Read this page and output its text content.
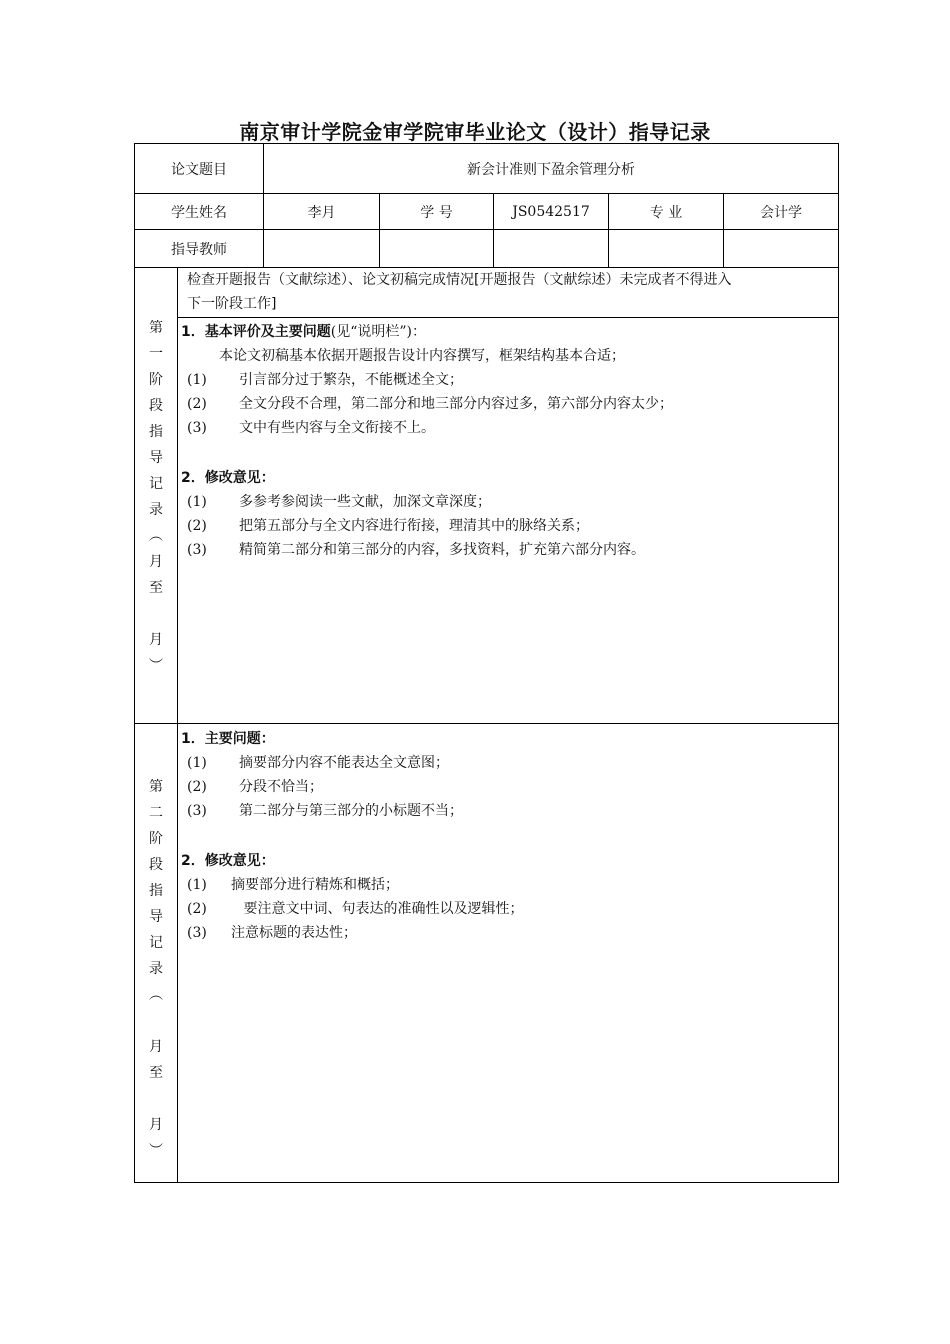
南京审计学院金审学院审毕业论文（设计）指导记录
论文题目	新会计准则下盈余管理分析
学生姓名	李月	学 号	JS0542517	专 业	会计学
指导教师
第
一
阶
段
指
导
记
录
︵
月
至
月
︶
检查开题报告（文献综述）、论文初稿完成情况[开题报告（文献综述）未完成者不得进入
下一阶段工作]
1．基本评价及主要问题(见“说明栏”)：
本论文初稿基本依据开题报告设计内容撰写，框架结构基本合适；
(1) 引言部分过于繁杂，不能概述全文；
(2) 全文分段不合理，第二部分和地三部分内容过多，第六部分内容太少；
(3) 文中有些内容与全文衔接不上。
2．修改意见：
(1) 多参考参阅读一些文献，加深文章深度；
(2) 把第五部分与全文内容进行衔接，理清其中的脉络关系；
(3) 精简第二部分和第三部分的内容，多找资料，扩充第六部分内容。
第
二
阶
段
指
导
记
录
︵
月
至
月
︶
1．主要问题：
(1) 摘要部分内容不能表达全文意图；
(2) 分段不恰当；
(3) 第二部分与第三部分的小标题不当；
2．修改意见：
(1) 摘要部分进行精炼和概括；
(2) 要注意文中词、句表达的准确性以及逻辑性；
(3) 注意标题的表达性；
